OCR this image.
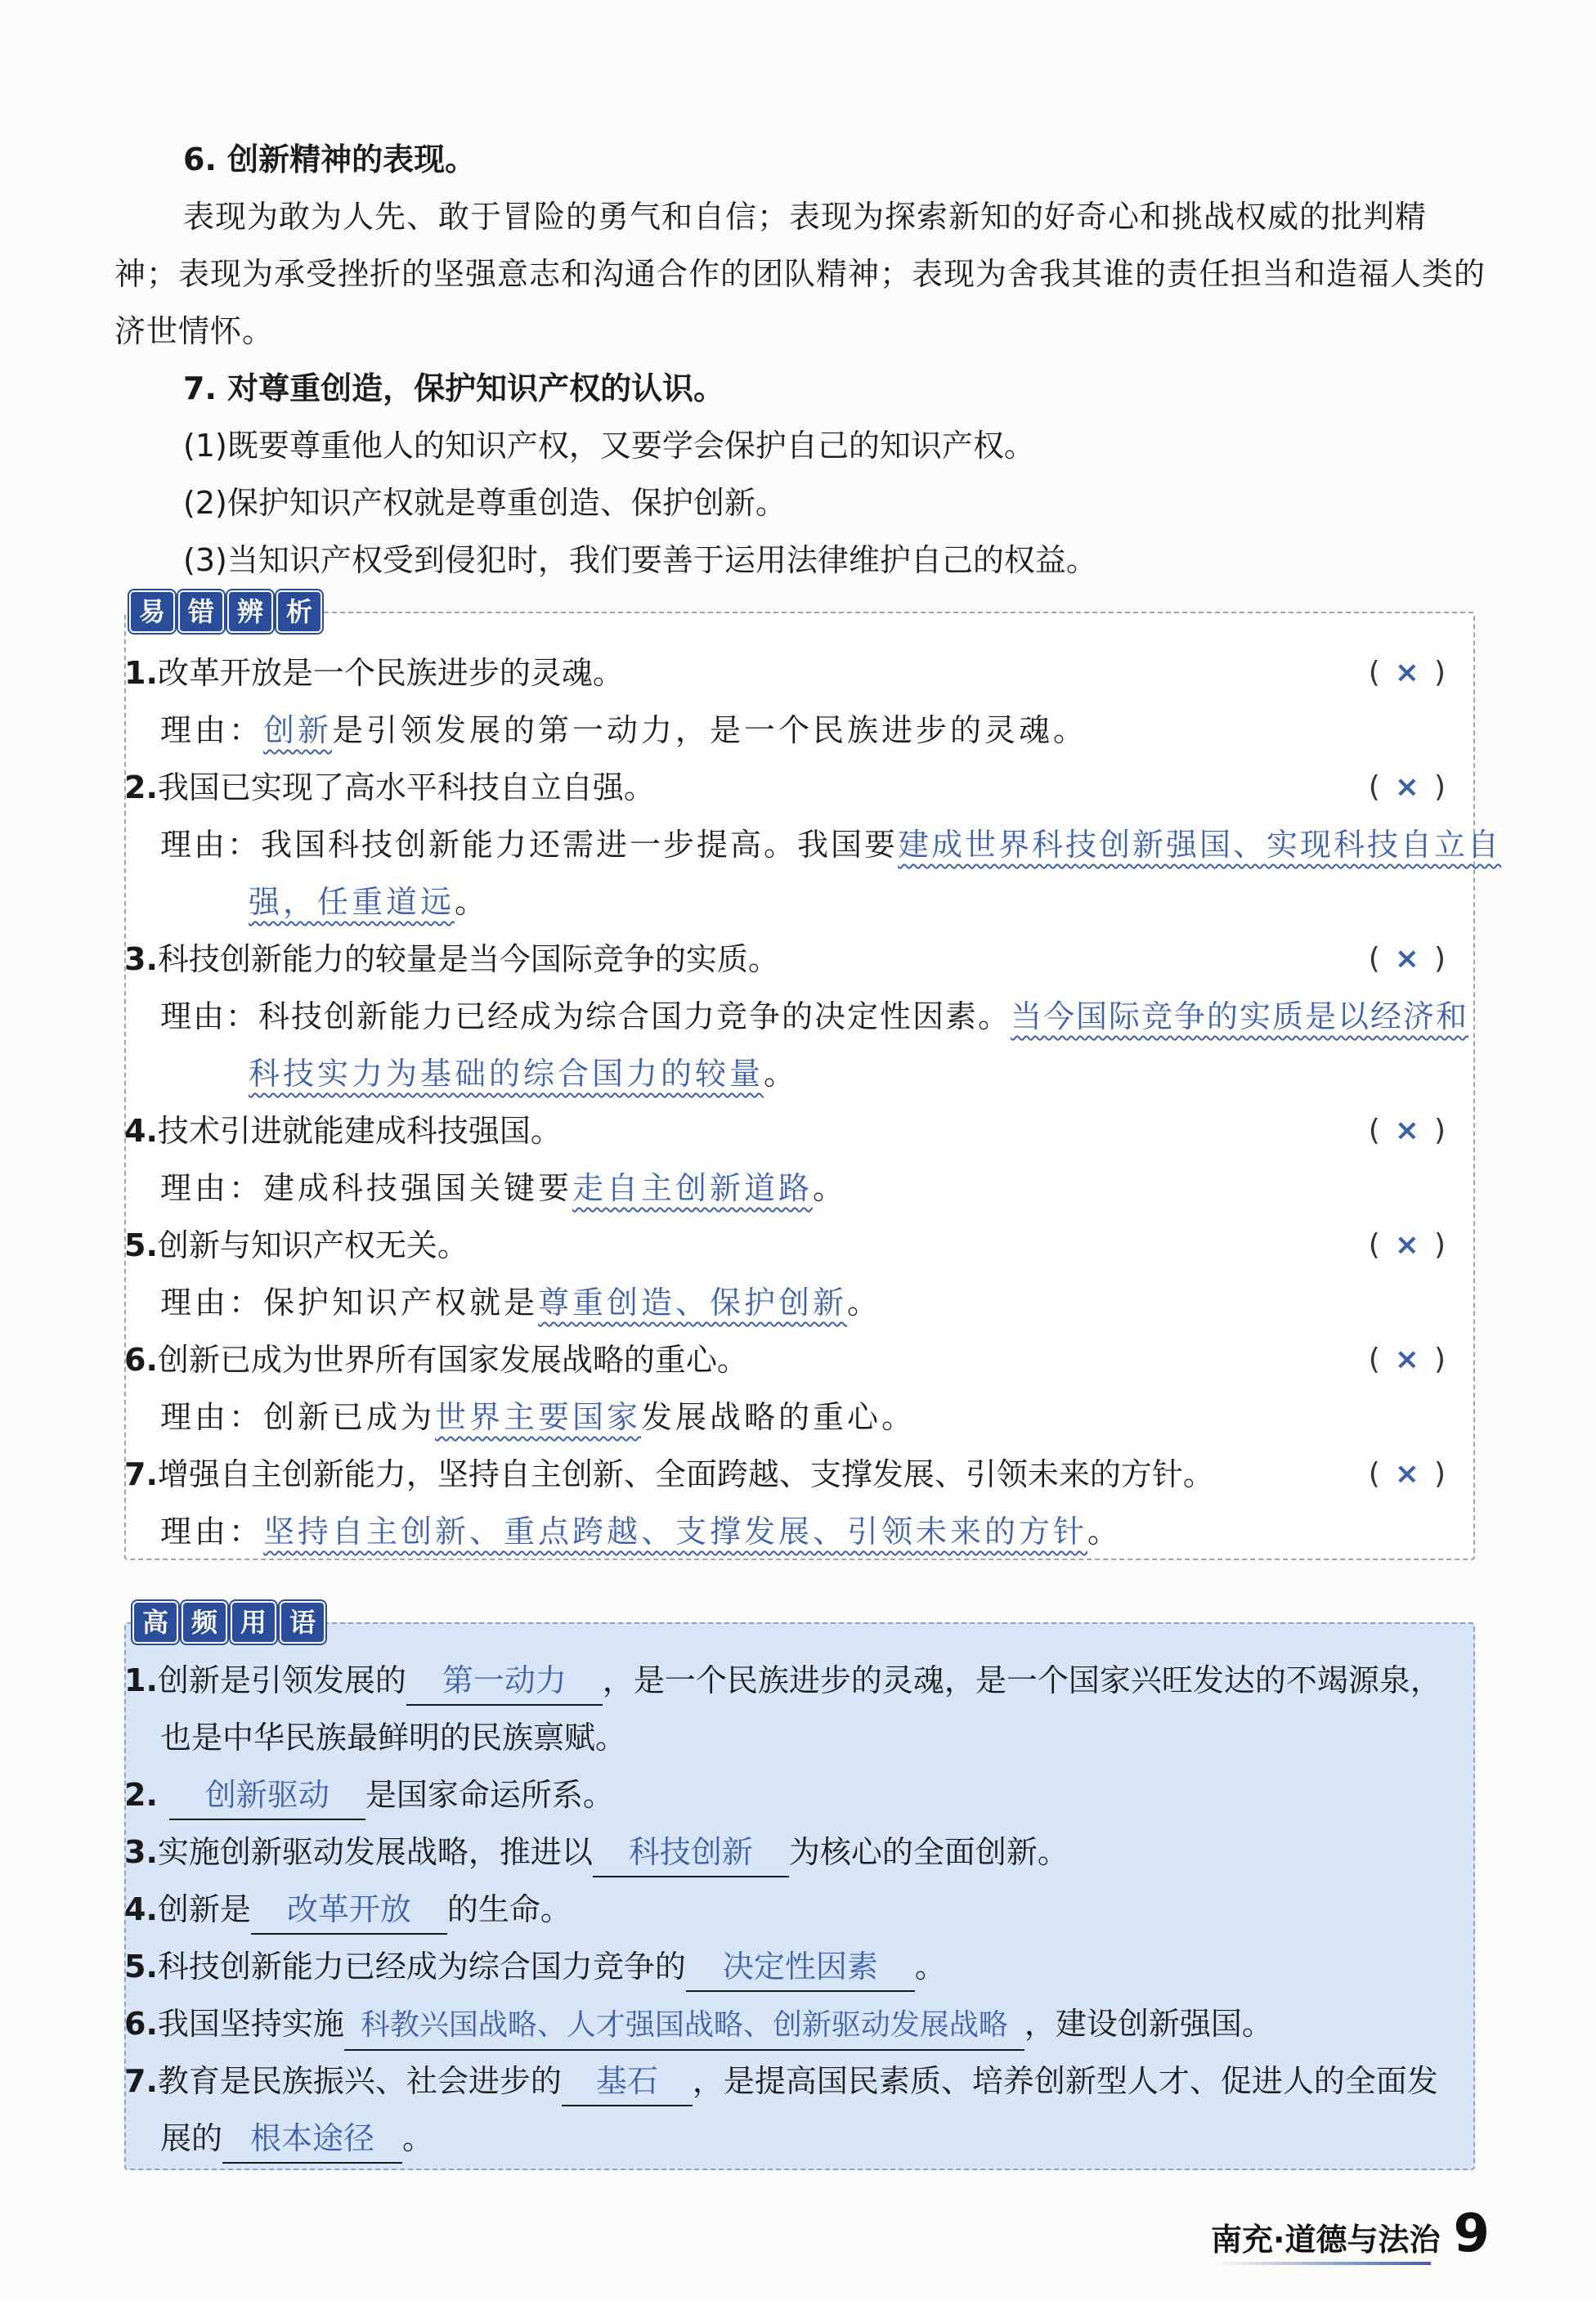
6. 创新精神的表现。
表现为敢为人先、敢于冒险的勇气和自信；表现为探索新知的好奇心和挑战权威的批判精神；表现为承受挫折的坚强意志和沟通合作的团队精神；表现为舍我其谁的责任担当和造福人类的济世情怀。
7. 对尊重创造，保护知识产权的认识。
(1)既要尊重他人的知识产权，又要学会保护自己的知识产权。
(2)保护知识产权就是尊重创造、保护创新。
(3)当知识产权受到侵犯时，我们要善于运用法律维护自己的权益。
易 错 辨 析
1.改革开放是一个民族进步的灵魂。	(× )
理由：创新是引领发展的第一动力，是一个民族进步的灵魂。
2.我国已实现了高水平科技自立自强。	(× )
理由：我国科技创新能力还需进一步提高。我国要建成世界科技创新强国、实现科技自立自
强，任重道远。
3.科技创新能力的较量是当今国际竞争的实质。	(× )
理由：科技创新能力已经成为综合国力竞争的决定性因素。当今国际竞争的实质是以经济和
科技实力为基础的综合国力的较量。
4.技术引进就能建成科技强国。	(× )
理由：建成科技强国关键要走自主创新道路。
5.创新与知识产权无关。	(× )
理由：保护知识产权就是尊重创造、保护创新。
6.创新已成为世界所有国家发展战略的重心。	(× )
理由：创新已成为世界主要国家发展战略的重心。
7.增强自主创新能力，坚持自主创新、全面跨越、支撑发展、引领未来的方针。	(× )
理由：坚持自主创新、重点跨越、支撑发展、引领未来的方针。
高 频 用 语
1.创新是引领发展的 第一动力 ，是一个民族进步的灵魂，是一个国家兴旺发达的不竭源泉，
也是中华民族最鲜明的民族禀赋。
2. 创新驱动 是国家命运所系。
3.实施创新驱动发展战略，推进以 科技创新 为核心的全面创新。
4.创新是 改革开放 的生命。
5.科技创新能力已经成为综合国力竞争的 决定性因素 。
6.我国坚持实施 科教兴国战略、人才强国战略、创新驱动发展战略 ，建设创新强国。
7.教育是民族振兴、社会进步的 基石 ，是提高国民素质、培养创新型人才、促进人的全面发
展的 根本途径 。
南充·道德与法治 9
